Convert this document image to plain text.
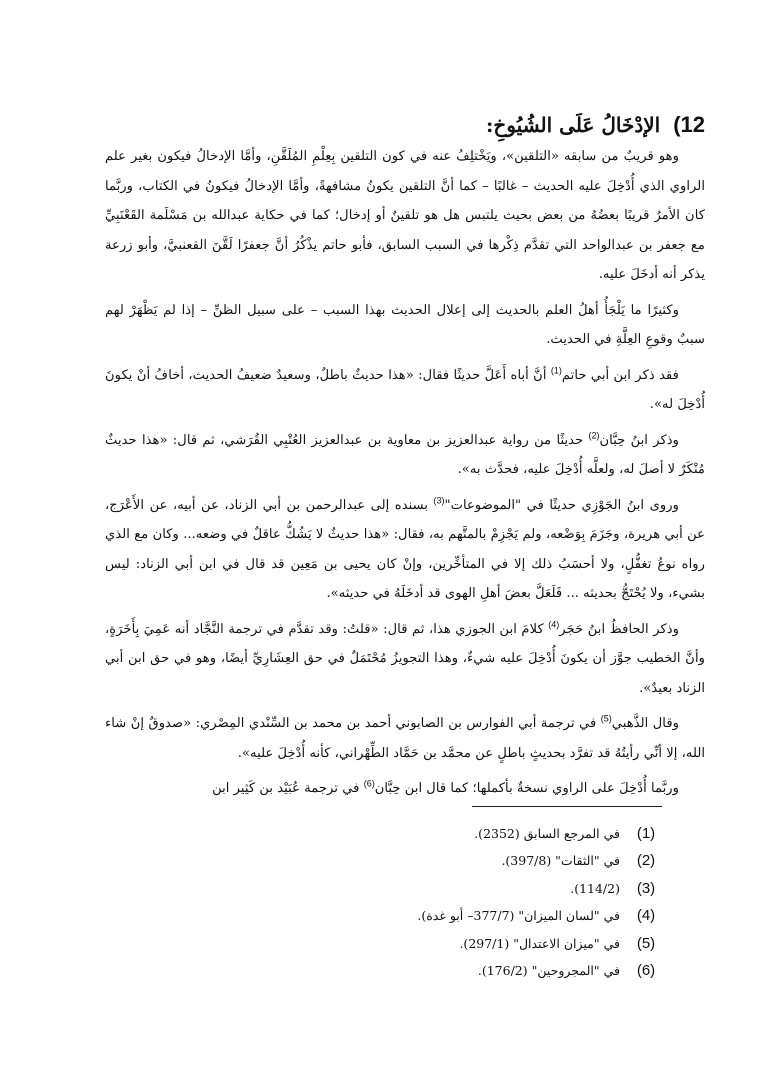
12) الإدْخَالُ عَلَى الشُيُوخِ:

وهو قريبٌ من سابقه «التلقين»، ويَخْتلِفُ عنه في كون التلقين بِعِلْمِ المُلَقَّنِ، وأمَّا الإدخالُ فيكون بغير علم الراوي الذي أُدْخِلَ عليه الحديث – غالبًا – كما أنَّ التلقين يكونُ مشافهةً، وأمَّا الإدخالُ فيكونُ في الكتاب، وربَّما كان الأمرُ قريبًا بعضُهُ من بعض بحيث يلتبس هل هو تلقينٌ أو إدخال؛ كما في حكاية عبدالله بن مَسْلَمة القَعْنَبِيِّ مع جعفر بن عبدالواحد التي تقدَّم ذِكْرها في السبب السابق، فأبو حاتم يذْكُرُ أنَّ جعفرًا لَقَّنَ القعنبيَّ، وأبو زرعة يذكر أنه أدخَلَ عليه.

وكثيرًا ما يَلْجَأُ أهلُ العلم بالحديث إلى إعلال الحديث بهذا السبب – على سبيل الظنِّ – إذا لم يَظْهَرْ لهم سببٌ وقوعِ العِلَّةِ في الحديث.

فقد ذكر ابن أبي حاتم$^{(1)}$ أنَّ أباه أَعَلَّ حديثًا فقال: «هذا حديثٌ باطلٌ، وسعيدٌ ضعيفُ الحديث، أخافُ أنْ يكونَ أُدْخِلَ له».

وذكر ابنُ حِبَّان$^{(2)}$ حديثًا من رواية عبدالعزيز بن معاوية بن عبدالعزيز العُتْبِي القُرَشي، ثم قال: «هذا حديثٌ مُنْكَرٌ لا أصلَ له، ولعلَّه أُدْخِلَ عليه، فحدَّث به».

وروى ابنُ الجَوْزِي حديثًا في "الموضوعات"$^{(3)}$ بسنده إلى عبدالرحمن بن أبي الزناد، عن أبيه، عن الأَعْرَج، عن أبي هريرة، وجَزَمَ بِوَضْعه، ولم يَجْزِمْ بالمتَّهم به، فقال: «هذا حديثٌ لا يَشُكُّ عاقلٌ في وضعه... وكان مع الذي رواه نوعُ تغفُّلٍ، ولا أحسَبُ ذلك إلا في المتأخِّرين، وإنْ كان يحيى بن مَعِين قد قال في ابن أبي الزناد: ليس بشيء، ولا يُحْتَجُّ بحديثه ... فَلَعَلَّ بعضَ أهلِ الهوى قد أدخَلَهُ في حديثه».

وذكر الحافظُ ابنُ حَجَر$^{(4)}$ كلامَ ابن الجوزي هذا، ثم قال: «قلتُ: وقد تقدَّم في ترجمة النَّجَّاد أنه عَمِيَ بِأَخَرَةٍ، وأنَّ الخطيب جوَّز أن يكونَ أُدْخِلَ عليه شيءٌ، وهذا التجويزُ مُحْتَمَلٌ في حق العِشَارِيِّ أيضًا، وهو في حق ابن أبي الزناد بعيدٌ».

وقال الذَّهبي$^{(5)}$ في ترجمة أبي الفوارس بن الصابوني أحمد بن محمد بن السِّنْدي المِصْري: «صدوقٌ إنْ شاء الله، إلا أنِّي رأيتُهُ قد تفرَّد بحديثٍ باطلٍ عن محمَّد بن حَمَّاد الطِّهْراني، كأنه أُدْخِلَ عليه».

وربَّما أُدْخِلَ على الراوي نسخةٌ بأكملها؛ كما قال ابن حِبَّان$^{(6)}$ في ترجمة عُبَيْد بن كَثِير ابن

(1)
في المرجع السابق (2352).
(2)
في "الثقات" (397/8).
(3)
(114/2).
(4)
في "لسان الميزان" (377/7– أبو غدة).
(5)
في "ميزان الاعتدال" (297/1).
(6)
في "المجروحين" (176/2).
